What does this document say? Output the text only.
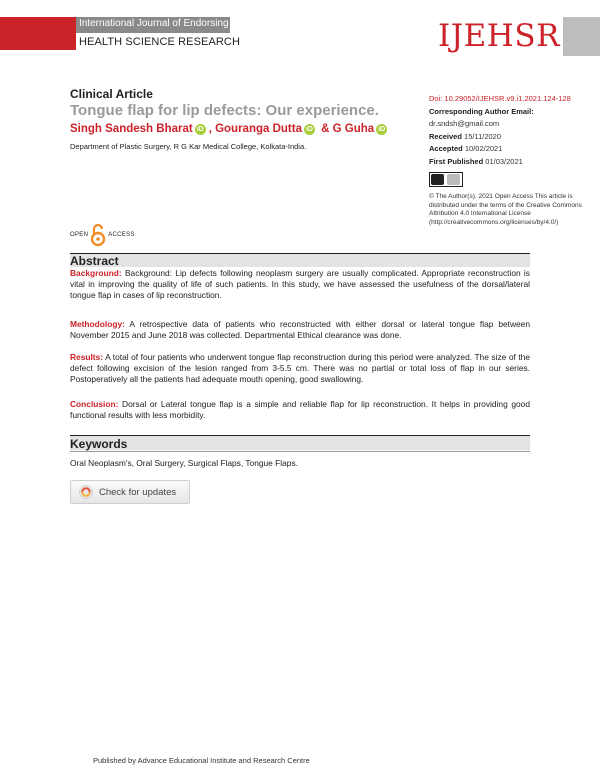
International Journal of Endorsing
HEALTH SCIENCE RESEARCH	IJEHSR
Clinical Article
Tongue flap for lip defects: Our experience.
Singh Sandesh Bharat iD , Gouranga Dutta iD
& G Guha iD
Department of Plastic Surgery, R G Kar Medical College, Kolkata-India.
Doi: 10.29052/IJEHSR.v9.i1.2021.124-128
Corresponding Author Email:
dr.sndsh@gmail.com
Received 15/11/2020
Accepted 10/02/2021
First Published 01/03/2021
© The Author(s). 2021 Open Access This article is distributed under the terms of the Creative Commons Attribution 4.0 International License (http://creativecommons.org/licenses/by/4.0/)
OPEN	ACCESS
Abstract
Background: Background: Lip defects following neoplasm surgery are usually complicated. Appropriate reconstruction is vital in improving the quality of life of such patients. In this study, we have assessed the usefulness of the dorsal/lateral tongue flap in cases of lip reconstruction.
Methodology: A retrospective data of patients who reconstructed with either dorsal or lateral tongue flap between November 2015 and June 2018 was collected. Departmental Ethical clearance was done.
Results: A total of four patients who underwent tongue flap reconstruction during this period were analyzed. The size of the defect following excision of the lesion ranged from 3-5.5 cm. There was no partial or total loss of flap in our series. Postoperatively all the patients had adequate mouth opening, good swallowing.
Conclusion: Dorsal or Lateral tongue flap is a simple and reliable flap for lip reconstruction. It helps in providing good functional results with less morbidity.
Keywords
Oral Neoplasm's, Oral Surgery, Surgical Flaps, Tongue Flaps.
Check for updates
Published by Advance Educational Institute and Research Centre
